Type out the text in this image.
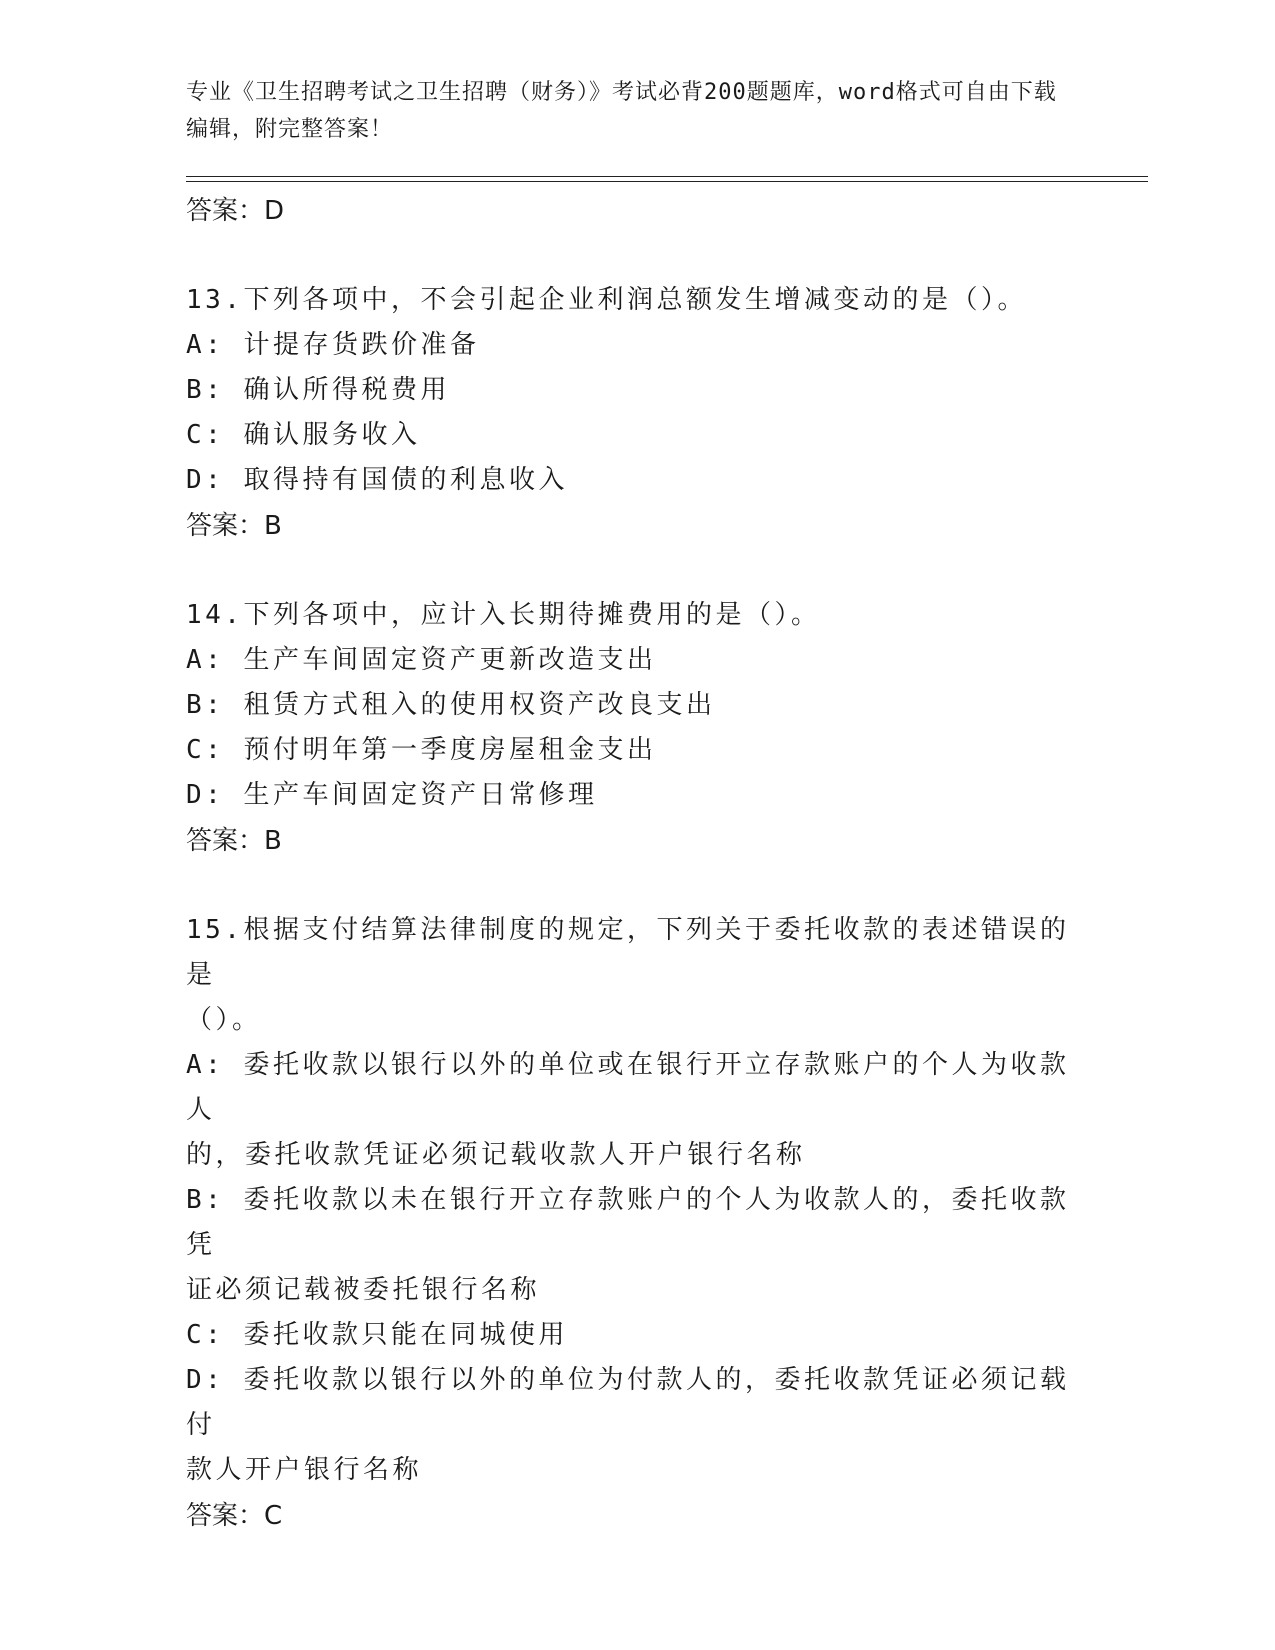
专业《卫生招聘考试之卫生招聘（财务）》考试必背200题题库，word格式可自由下载编辑，附完整答案！

答案：D

13.下列各项中，不会引起企业利润总额发生增减变动的是（）。

A: 计提存货跌价准备

B: 确认所得税费用

C: 确认服务收入

D: 取得持有国债的利息收入

答案：B

14.下列各项中，应计入长期待摊费用的是（）。

A: 生产车间固定资产更新改造支出

B: 租赁方式租入的使用权资产改良支出

C: 预付明年第一季度房屋租金支出

D: 生产车间固定资产日常修理

答案：B

15.根据支付结算法律制度的规定，下列关于委托收款的表述错误的是

（）。

A: 委托收款以银行以外的单位或在银行开立存款账户的个人为收款人

的，委托收款凭证必须记载收款人开户银行名称

B: 委托收款以未在银行开立存款账户的个人为收款人的，委托收款凭

证必须记载被委托银行名称

C: 委托收款只能在同城使用

D: 委托收款以银行以外的单位为付款人的，委托收款凭证必须记载付

款人开户银行名称

答案：C
